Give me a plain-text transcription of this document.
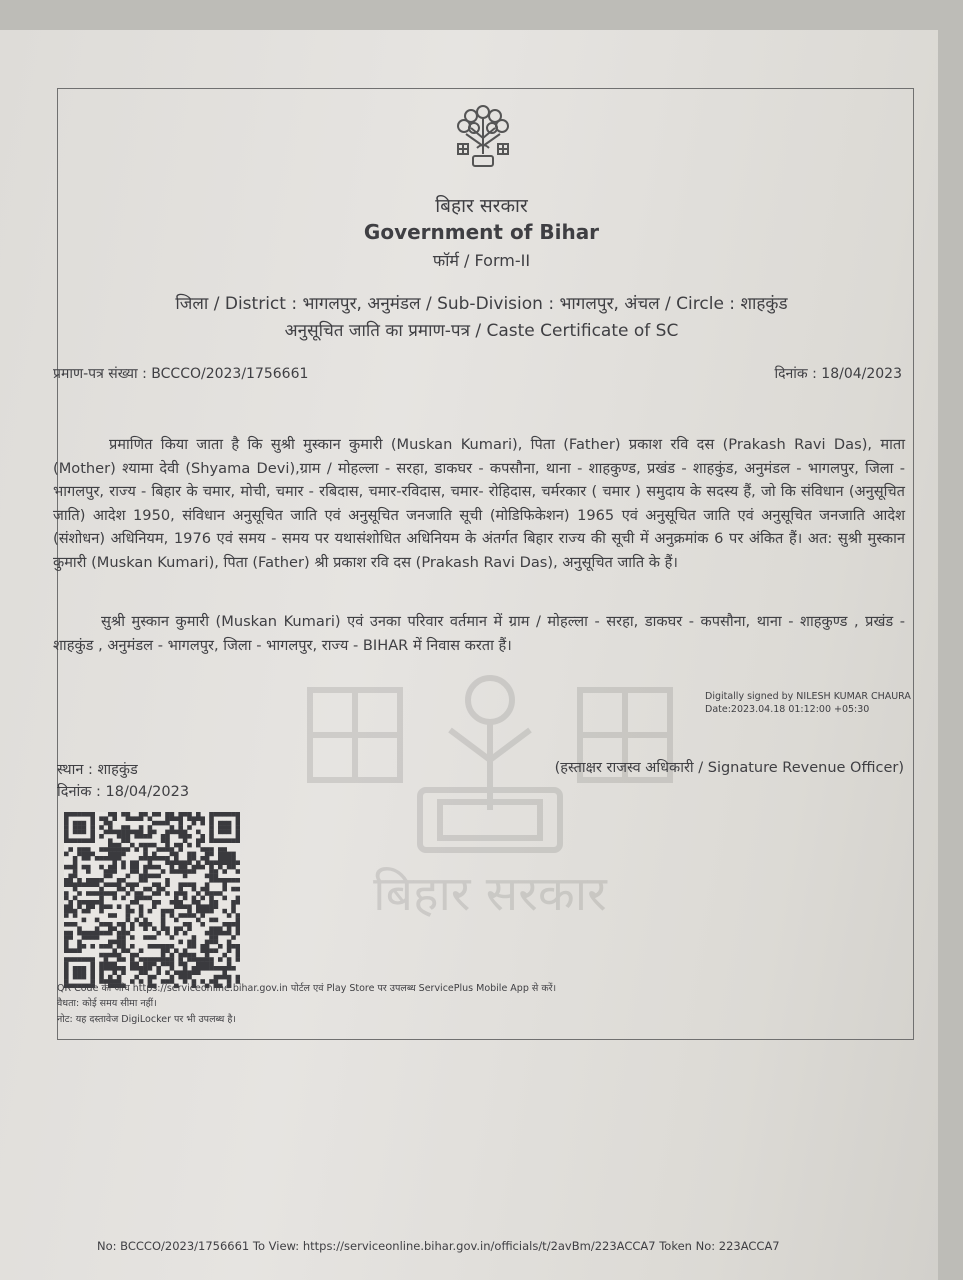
बिहार सरकार
बिहार सरकार
Government of Bihar
फॉर्म / Form-II
जिला / District : भागलपुर, अनुमंडल / Sub-Division : भागलपुर, अंचल / Circle : शाहकुंड
अनुसूचित जाति का प्रमाण-पत्र / Caste Certificate of SC
प्रमाण-पत्र संख्या : BCCCO/2023/1756661	दिनांक : 18/04/2023
प्रमाणित किया जाता है कि सुश्री मुस्कान कुमारी (Muskan Kumari), पिता (Father) प्रकाश रवि दस (Prakash Ravi Das), माता (Mother) श्यामा देवी (Shyama Devi),ग्राम / मोहल्ला - सरहा, डाकघर - कपसौना, थाना - शाहकुण्ड, प्रखंड - शाहकुंड, अनुमंडल - भागलपुर, जिला - भागलपुर, राज्य - बिहार के चमार, मोची, चमार - रबिदास, चमार-रविदास, चमार- रोहिदास, चर्मरकार ( चमार ) समुदाय के सदस्य हैं, जो कि संविधान (अनुसूचित जाति) आदेश 1950, संविधान अनुसूचित जाति एवं अनुसूचित जनजाति सूची (मोडिफिकेशन) 1965 एवं अनुसूचित जाति एवं अनुसूचित जनजाति आदेश (संशोधन) अधिनियम, 1976 एवं समय - समय पर यथासंशोधित अधिनियम के अंतर्गत बिहार राज्य की सूची में अनुक्रमांक 6 पर अंकित हैं। अत: सुश्री मुस्कान कुमारी (Muskan Kumari), पिता (Father) श्री प्रकाश रवि दस (Prakash Ravi Das), अनुसूचित जाति के हैं।
सुश्री मुस्कान कुमारी (Muskan Kumari) एवं उनका परिवार वर्तमान में ग्राम / मोहल्ला - सरहा, डाकघर - कपसौना, थाना - शाहकुण्ड , प्रखंड - शाहकुंड , अनुमंडल - भागलपुर, जिला - भागलपुर, राज्य - BIHAR में निवास करता हैं।
Digitally signed by NILESH KUMAR CHAURA
Date:2023.04.18 01:12:00 +05:30
स्थान : शाहकुंड
दिनांक : 18/04/2023
(हस्ताक्षर राजस्व अधिकारी / Signature Revenue Officer)
QR Code की जाँच https://serviceonline.bihar.gov.in पोर्टल एवं Play Store पर उपलब्ध ServicePlus Mobile App से करें।
वैधता: कोई समय सीमा नहीं।
नोट: यह दस्तावेज DigiLocker पर भी उपलब्ध है।
No: BCCCO/2023/1756661 To View: https://serviceonline.bihar.gov.in/officials/t/2avBm/223ACCA7 Token No: 223ACCA7
